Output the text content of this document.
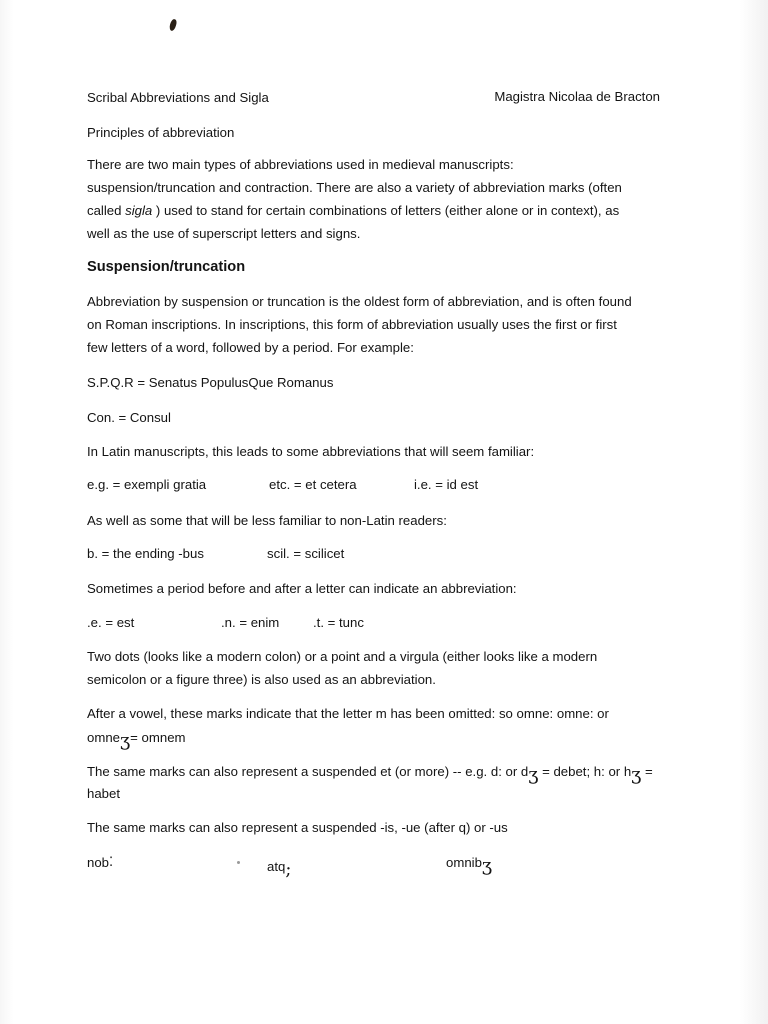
Scribal Abbreviations and Sigla	Magistra Nicolaa de Bracton
Principles of abbreviation
There are two main types of abbreviations used in medieval manuscripts:
suspension/truncation and contraction. There are also a variety of abbreviation marks (often
called sigla ) used to stand for certain combinations of letters (either alone or in context), as
well as the use of superscript letters and signs.
Suspension/truncation
Abbreviation by suspension or truncation is the oldest form of abbreviation, and is often found
on Roman inscriptions. In inscriptions, this form of abbreviation usually uses the first or first
few letters of a word, followed by a period. For example:
S.P.Q.R = Senatus PopulusQue Romanus
Con. = Consul
In Latin manuscripts, this leads to some abbreviations that will seem familiar:
e.g. = exempli gratia	etc. = et cetera	i.e. = id est
As well as some that will be less familiar to non-Latin readers:
b. = the ending -bus	scil. = scilicet
Sometimes a period before and after a letter can indicate an abbreviation:
.e. = est	.n. = enim	.t. = tunc
Two dots (looks like a modern colon) or a point and a virgula (either looks like a modern
semicolon or a figure three) is also used as an abbreviation.
After a vowel, these marks indicate that the letter m has been omitted: so omne: omne: or
omneʒ= omnem
The same marks can also represent a suspended et (or more) -- e.g. d: or dʒ = debet; h: or hʒ =
habet
The same marks can also represent a suspended -is, -ue (after q) or -us
nob⁚	atq;	omnibʒ
